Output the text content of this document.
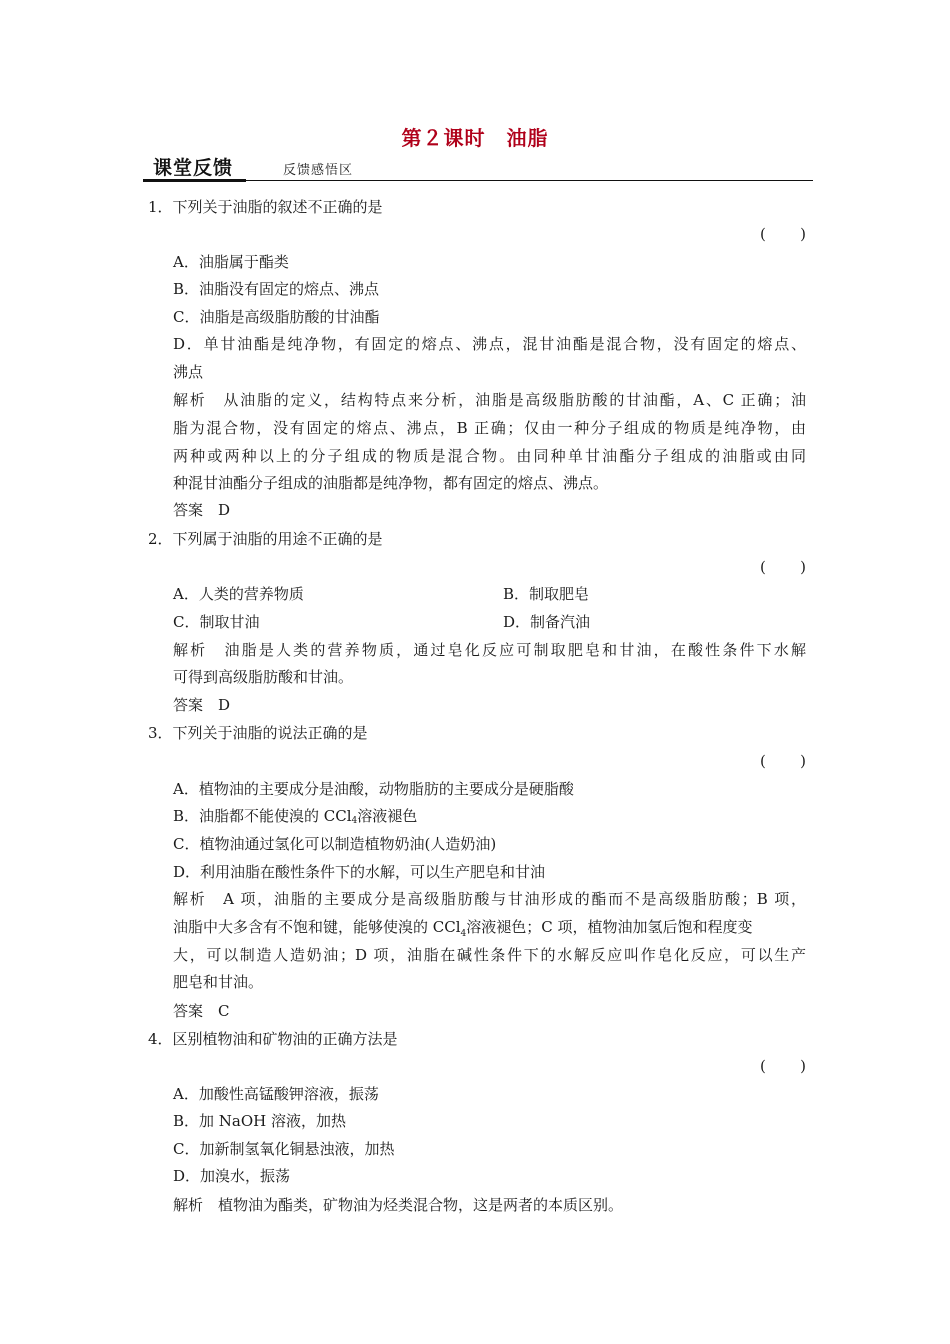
第２课时　油脂
课堂反馈	反馈感悟区
1．下列关于油脂的叙述不正确的是
( )
A．油脂属于酯类
B．油脂没有固定的熔点、沸点
C．油脂是高级脂肪酸的甘油酯
D．单甘油酯是纯净物，有固定的熔点、沸点，混甘油酯是混合物，没有固定的熔点、
沸点
解析　从油脂的定义，结构特点来分析，油脂是高级脂肪酸的甘油酯，A、C 正确；油
脂为混合物，没有固定的熔点、沸点，B 正确；仅由一种分子组成的物质是纯净物，由
两种或两种以上的分子组成的物质是混合物。由同种单甘油酯分子组成的油脂或由同
种混甘油酯分子组成的油脂都是纯净物，都有固定的熔点、沸点。
答案　D
2．下列属于油脂的用途不正确的是
( )
A．人类的营养物质	B．制取肥皂
C．制取甘油	D．制备汽油
解析　油脂是人类的营养物质，通过皂化反应可制取肥皂和甘油，在酸性条件下水解
可得到高级脂肪酸和甘油。
答案　D
3．下列关于油脂的说法正确的是
( )
A．植物油的主要成分是油酸，动物脂肪的主要成分是硬脂酸
B．油脂都不能使溴的 CCl$_4$溶液褪色
C．植物油通过氢化可以制造植物奶油(人造奶油)
D．利用油脂在酸性条件下的水解，可以生产肥皂和甘油
解析　A 项，油脂的主要成分是高级脂肪酸与甘油形成的酯而不是高级脂肪酸；B 项，
油脂中大多含有不饱和键，能够使溴的 CCl 4 溶液褪色；C 项，植物油加氢后饱和程度变
大，可以制造人造奶油；D 项，油脂在碱性条件下的水解反应叫作皂化反应，可以生产
肥皂和甘油。
答案　C
4．区别植物油和矿物油的正确方法是
( )
A．加酸性高锰酸钾溶液，振荡
B．加 NaOH 溶液，加热
C．加新制氢氧化铜悬浊液，加热
D．加溴水，振荡
解析　植物油为酯类，矿物油为烃类混合物，这是两者的本质区别。
